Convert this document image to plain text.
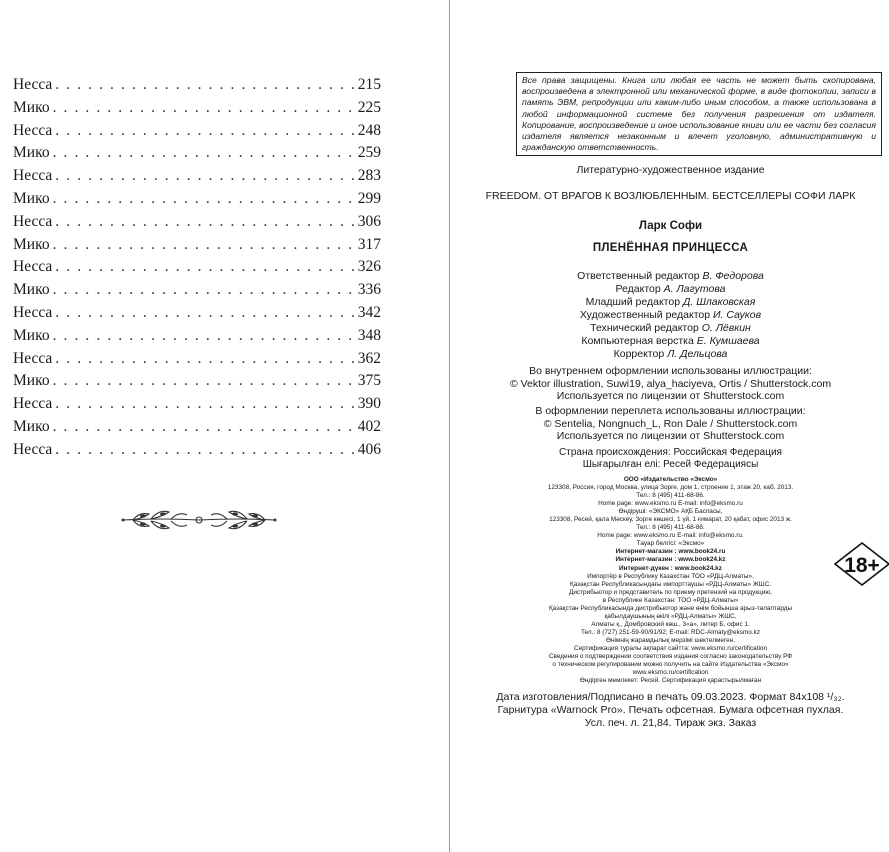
Несса . . .	215
Мико . . .	225
Несса . . .	248
Мико . . .	259
Несса . . .	283
Мико . . .	299
Несса . . .	306
Мико . . .	317
Несса . . .	326
Мико . . .	336
Несса . . .	342
Мико . . .	348
Несса . . .	362
Мико . . .	375
Несса . . .	390
Мико . . .	402
Несса . . .	406
Все права защищены. Книга или любая ее часть не может быть скопирована, воспроизведена в электронной или механической форме, в виде фотокопии, записи в память ЭВМ, репродукции или каким-либо иным способом, а также использована в любой информационной системе без получения разрешения от издателя. Копирование, воспроизведение и иное использование книги или ее части без согласия издателя является незаконным и влечет уголовную, административную и гражданскую ответственность.
Литературно-художественное издание
FREEDOM. ОТ ВРАГОВ К ВОЗЛЮБЛЕННЫМ. БЕСТСЕЛЛЕРЫ СОФИ ЛАРК
Ларк Софи
ПЛЕНЁННАЯ ПРИНЦЕССА
Ответственный редактор В. Федорова
Редактор А. Лагутова
Младший редактор Д. Шлаковская
Художественный редактор И. Сауков
Технический редактор О. Лёвкин
Компьютерная верстка Е. Кумшаева
Корректор Л. Дельцова
Во внутреннем оформлении использованы иллюстрации:
© Vektor illustration, Suwi19, alya_haciyeva, Ortis / Shutterstock.com
Используется по лицензии от Shutterstock.com
В оформлении переплета использованы иллюстрации:
© Sentelia, Nongnuch_L, Ron Dale / Shutterstock.com
Используется по лицензии от Shutterstock.com
Страна происхождения: Российская Федерация
Шығарылған елі: Ресей Федерациясы
ООО «Издательство «Эксмо»
123308, Россия, город Москва, улица Зорге, дом 1, строение 1, этаж 20, каб. 2013.
Тел.: 8 (495) 411-68-86.
Home page: www.eksmo.ru E-mail: info@eksmo.ru
Өндіруші: «ЭКСМО» АҚБ Баспасы,
123308, Ресей, қала Мәскеу, Зорге көшесі, 1 үй, 1 ғимарат, 20 қабат, офис 2013 ж.
Тел.: 8 (495) 411-68-86.
Home page: www.eksmo.ru E-mail: info@eksmo.ru.
Тауар белгісі: «Эксмо»
Интернет-магазин : www.book24.ru
Интернет-магазин : www.book24.kz
Интернет-дүкен : www.book24.kz
Импортёр в Республику Казахстан ТОО «РДЦ-Алматы».
Қазақстан Республикасындағы импорттаушы «РДЦ-Алматы» ЖШС.
Дистрибьютор и представитель по приему претензий на продукцию,
в Республике Казахстан: ТОО «РДЦ-Алматы»
Қазақстан Республикасында дистрибьютор және өнім бойынша арыз-талаптарды
қабылдаушының өкілі «РДЦ-Алматы» ЖШС,
Алматы қ., Домбровский көш., 3«а», литер Б, офис 1.
Тел.: 8 (727) 251-59-90/91/92; E-mail: RDC-Almaty@eksmo.kz
Өнімнің жарамдылық мерзімі шектелмеген.
Сертификация туралы ақпарат сайтта: www.eksmo.ru/certification
Сведения о подтверждении соответствия издания согласно законодательству РФ
о техническом регулировании можно получить на сайте Издательства «Эксмо»
www.eksmo.ru/certification
Өндірген мемлекет: Ресей. Сертификация қарастырылмаған
18+
Дата изготовления/Подписано в печать 09.03.2023. Формат 84x108 ¹/₃₂.
Гарнитура «Warnock Pro». Печать офсетная. Бумага офсетная пухлая.
Усл. печ. л. 21,84. Тираж экз. Заказ
